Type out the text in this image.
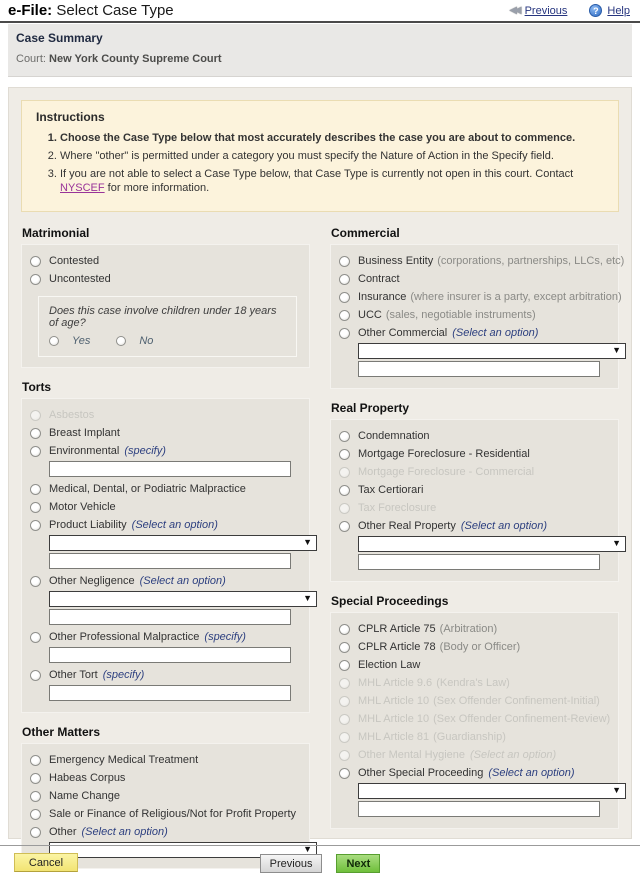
e-File: Select Case Type	◀◀ Previous	? Help
Case Summary
Court: New York County Supreme Court
Instructions
1. Choose the Case Type below that most accurately describes the case you are about to commence.
2. Where "other" is permitted under a category you must specify the Nature of Action in the Specify field.
3. If you are not able to select a Case Type below, that Case Type is currently not open in this court. Contact NYSCEF for more information.
Matrimonial
Contested
Uncontested
Does this case involve children under 18 years of age?
Yes	No
Torts
Asbestos
Breast Implant
Environmental (specify)
Medical, Dental, or Podiatric Malpractice
Motor Vehicle
Product Liability (Select an option)
▼
Other Negligence (Select an option)
▼
Other Professional Malpractice (specify)
Other Tort (specify)
Other Matters
Emergency Medical Treatment
Habeas Corpus
Name Change
Sale or Finance of Religious/Not for Profit Property
Other (Select an option)
▼
Commercial
Business Entity (corporations, partnerships, LLCs, etc)
Contract
Insurance (where insurer is a party, except arbitration)
UCC (sales, negotiable instruments)
Other Commercial (Select an option)
▼
Real Property
Condemnation
Mortgage Foreclosure - Residential
Mortgage Foreclosure - Commercial
Tax Certiorari
Tax Foreclosure
Other Real Property (Select an option)
▼
Special Proceedings
CPLR Article 75 (Arbitration)
CPLR Article 78 (Body or Officer)
Election Law
MHL Article 9.6 (Kendra's Law)
MHL Article 10 (Sex Offender Confinement-Initial)
MHL Article 10 (Sex Offender Confinement-Review)
MHL Article 81 (Guardianship)
Other Mental Hygiene (Select an option)
Other Special Proceeding (Select an option)
▼
Cancel	Previous	Next
